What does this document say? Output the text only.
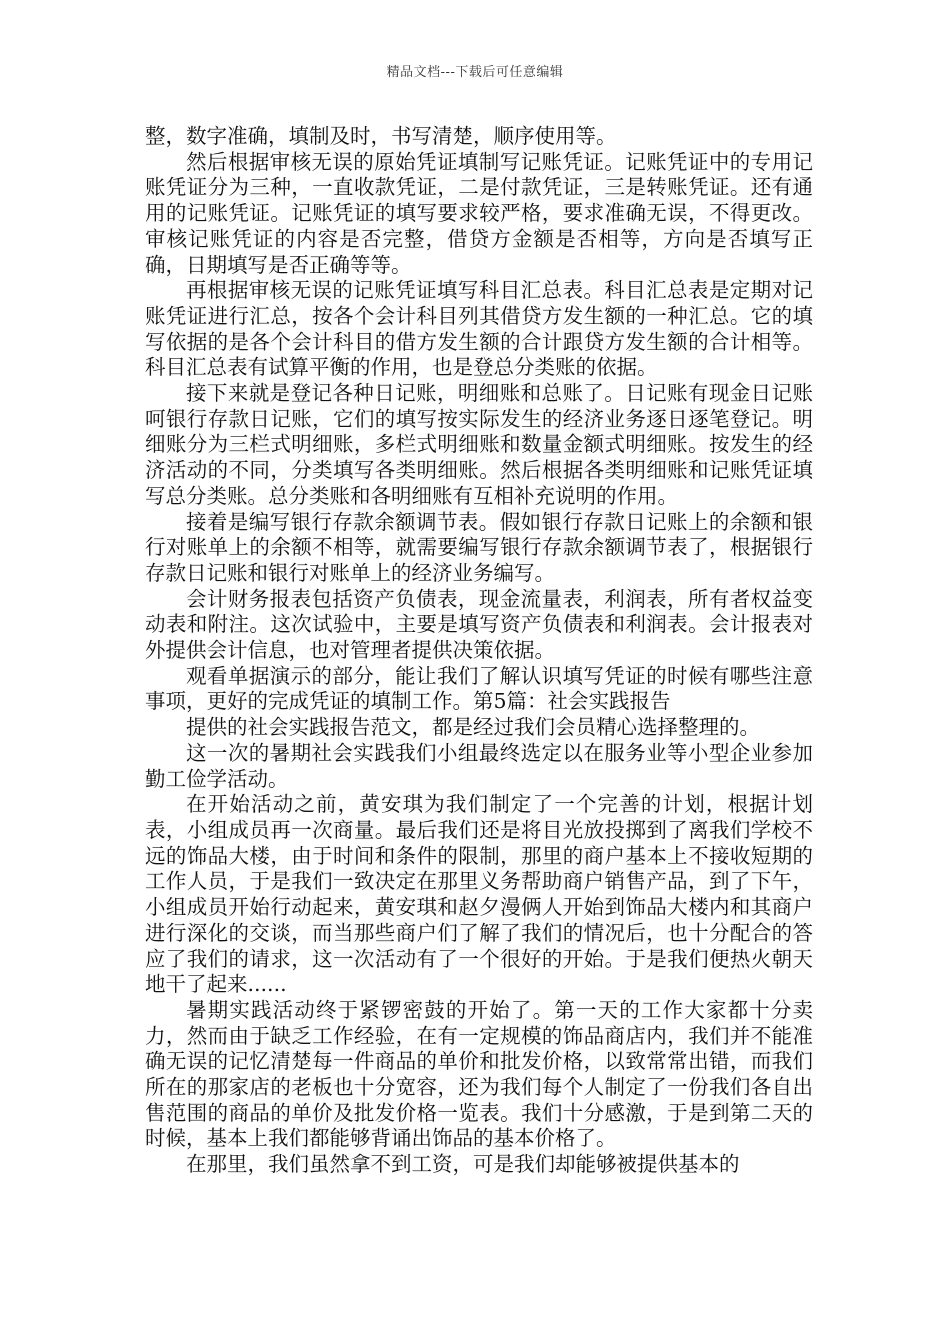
精品文档---下载后可任意编辑

整，数字准确，填制及时，书写清楚，顺序使用等。

然后根据审核无误的原始凭证填制写记账凭证。记账凭证中的专用记账凭证分为三种，一直收款凭证，二是付款凭证，三是转账凭证。还有通用的记账凭证。记账凭证的填写要求较严格，要求准确无误，不得更改。审核记账凭证的内容是否完整，借贷方金额是否相等，方向是否填写正确，日期填写是否正确等等。

再根据审核无误的记账凭证填写科目汇总表。科目汇总表是定期对记账凭证进行汇总，按各个会计科目列其借贷方发生额的一种汇总。它的填写依据的是各个会计科目的借方发生额的合计跟贷方发生额的合计相等。科目汇总表有试算平衡的作用，也是登总分类账的依据。

接下来就是登记各种日记账，明细账和总账了。日记账有现金日记账呵银行存款日记账，它们的填写按实际发生的经济业务逐日逐笔登记。明细账分为三栏式明细账，多栏式明细账和数量金额式明细账。按发生的经济活动的不同，分类填写各类明细账。然后根据各类明细账和记账凭证填写总分类账。总分类账和各明细账有互相补充说明的作用。

接着是编写银行存款余额调节表。假如银行存款日记账上的余额和银行对账单上的余额不相等，就需要编写银行存款余额调节表了，根据银行存款日记账和银行对账单上的经济业务编写。

会计财务报表包括资产负债表，现金流量表，利润表，所有者权益变动表和附注。这次试验中，主要是填写资产负债表和利润表。会计报表对外提供会计信息，也对管理者提供决策依据。

观看单据演示的部分，能让我们了解认识填写凭证的时候有哪些注意事项，更好的完成凭证的填制工作。第5篇：社会实践报告

提供的社会实践报告范文，都是经过我们会员精心选择整理的。

这一次的暑期社会实践我们小组最终选定以在服务业等小型企业参加勤工俭学活动。

在开始活动之前，黄安琪为我们制定了一个完善的计划，根据计划表，小组成员再一次商量。最后我们还是将目光放投掷到了离我们学校不远的饰品大楼，由于时间和条件的限制，那里的商户基本上不接收短期的工作人员，于是我们一致决定在那里义务帮助商户销售产品，到了下午，小组成员开始行动起来，黄安琪和赵夕漫俩人开始到饰品大楼内和其商户进行深化的交谈，而当那些商户们了解了我们的情况后，也十分配合的答应了我们的请求，这一次活动有了一个很好的开始。于是我们便热火朝天地干了起来......

暑期实践活动终于紧锣密鼓的开始了。第一天的工作大家都十分卖力，然而由于缺乏工作经验，在有一定规模的饰品商店内，我们并不能准确无误的记忆清楚每一件商品的单价和批发价格，以致常常出错，而我们所在的那家店的老板也十分宽容，还为我们每个人制定了一份我们各自出售范围的商品的单价及批发价格一览表。我们十分感激，于是到第二天的时候，基本上我们都能够背诵出饰品的基本价格了。

在那里，我们虽然拿不到工资，可是我们却能够被提供基本的
